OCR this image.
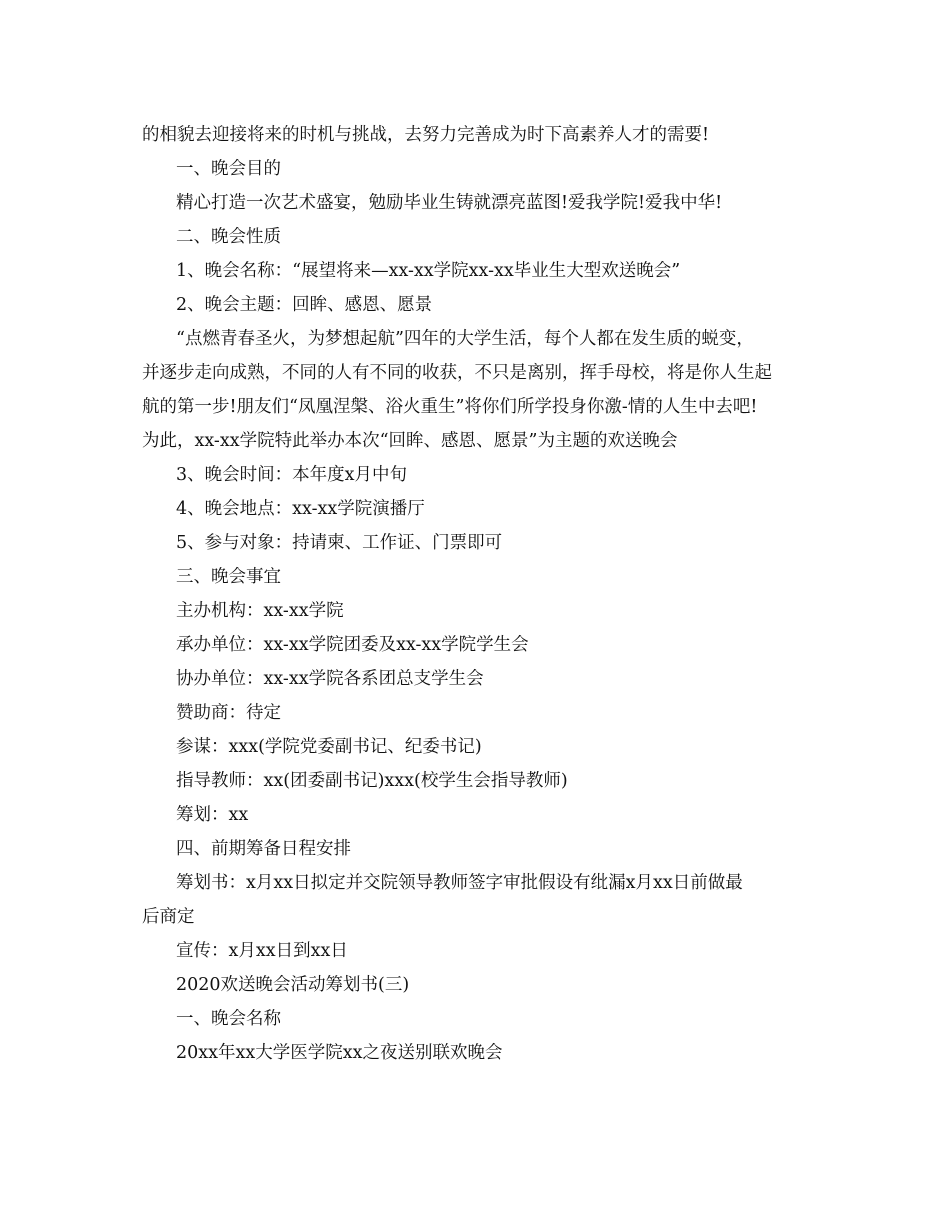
的相貌去迎接将来的时机与挑战，去努力完善成为时下高素养人才的需要!
一、晚会目的
精心打造一次艺术盛宴，勉励毕业生铸就漂亮蓝图!爱我学院!爱我中华!
二、晚会性质
1、晚会名称：“展望将来—xx-xx学院xx-xx毕业生大型欢送晚会”
2、晚会主题：回眸、感恩、愿景
“点燃青春圣火，为梦想起航”四年的大学生活，每个人都在发生质的蜕变，
并逐步走向成熟，不同的人有不同的收获，不只是离别，挥手母校，将是你人生起
航的第一步!朋友们“凤凰涅槃、浴火重生”将你们所学投身你激-情的人生中去吧!
为此，xx-xx学院特此举办本次“回眸、感恩、愿景”为主题的欢送晚会
3、晚会时间：本年度x月中旬
4、晚会地点：xx-xx学院演播厅
5、参与对象：持请柬、工作证、门票即可
三、晚会事宜
主办机构：xx-xx学院
承办单位：xx-xx学院团委及xx-xx学院学生会
协办单位：xx-xx学院各系团总支学生会
赞助商：待定
参谋：xxx(学院党委副书记、纪委书记)
指导教师：xx(团委副书记)xxx(校学生会指导教师)
筹划：xx
四、前期筹备日程安排
筹划书：x月xx日拟定并交院领导教师签字审批假设有纰漏x月xx日前做最
后商定
宣传：x月xx日到xx日
2020欢送晚会活动筹划书(三)
一、晚会名称
20xx年xx大学医学院xx之夜送别联欢晚会
